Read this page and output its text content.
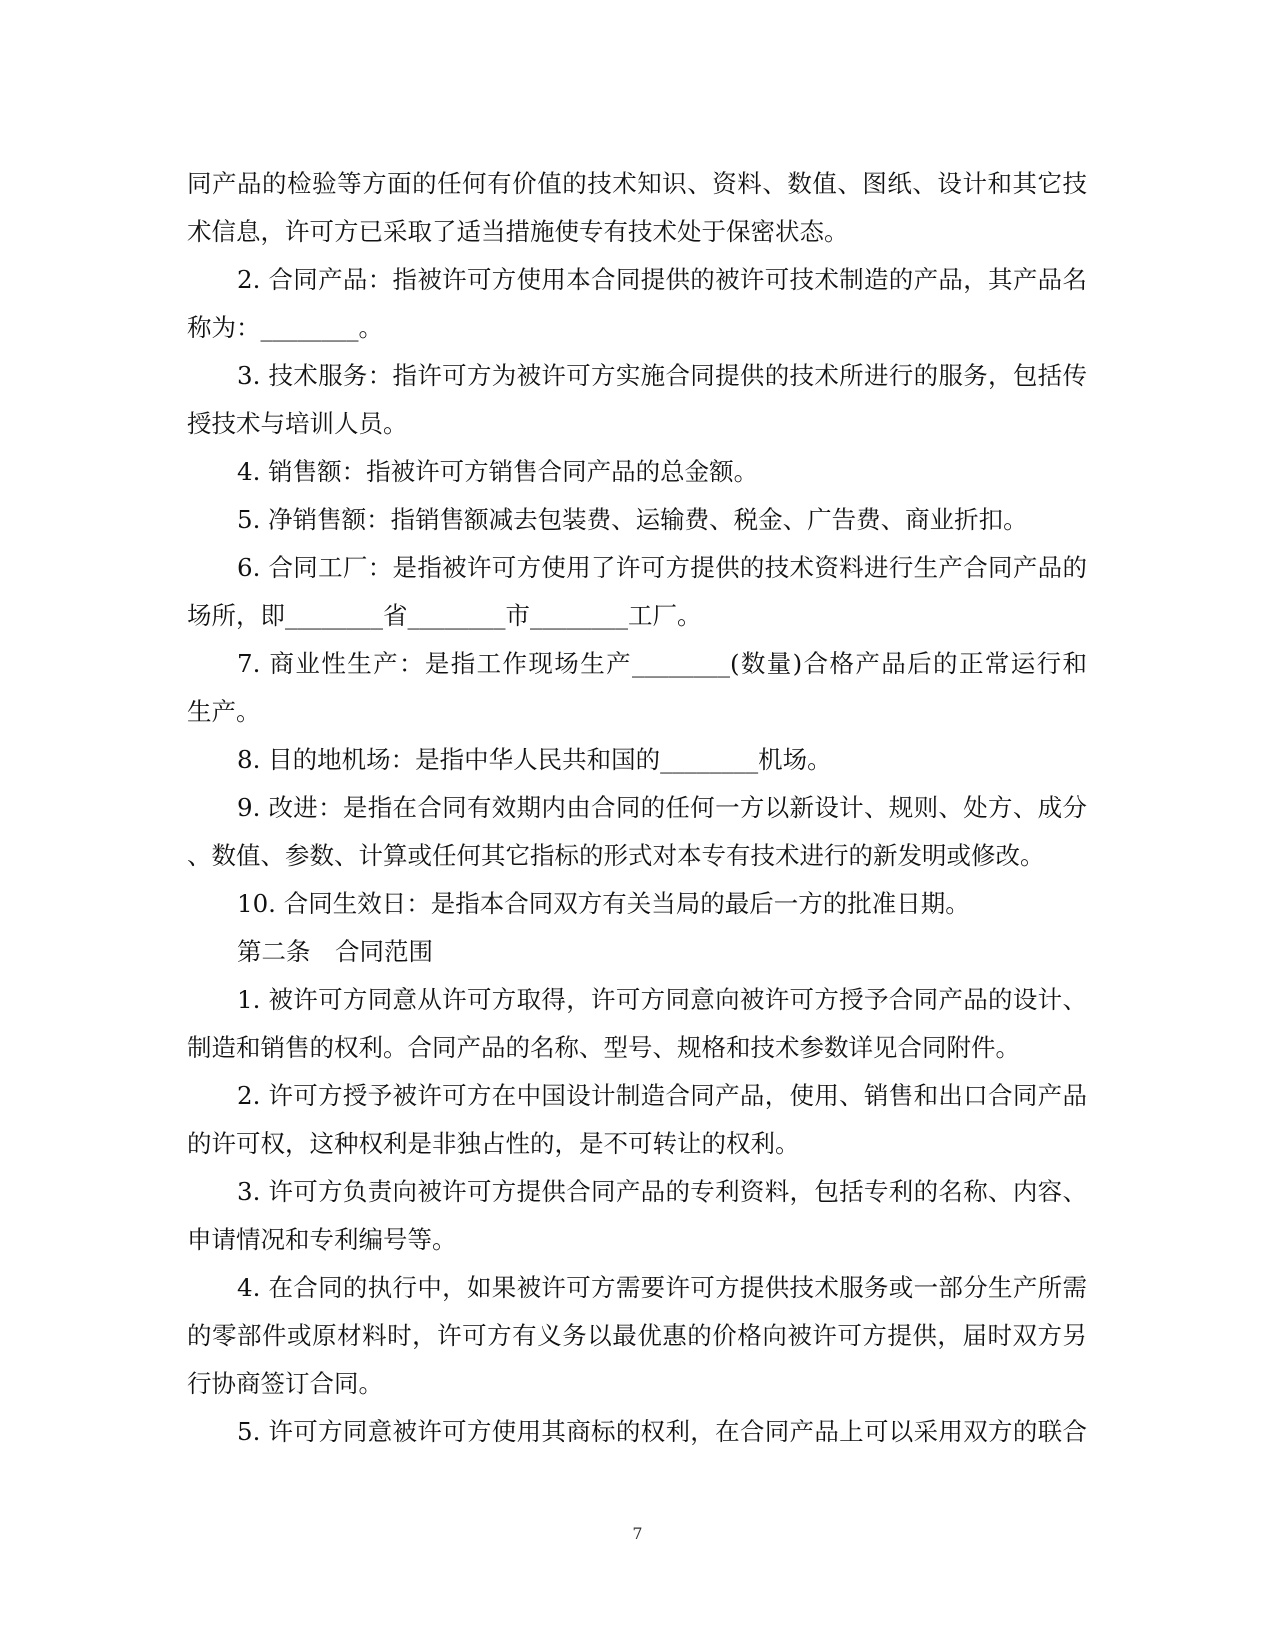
同产品的检验等方面的任何有价值的技术知识、资料、数值、图纸、设计和其它技
术信息，许可方已采取了适当措施使专有技术处于保密状态。
2. 合同产品：指被许可方使用本合同提供的被许可技术制造的产品，其产品名
称为：________。
3. 技术服务：指许可方为被许可方实施合同提供的技术所进行的服务，包括传
授技术与培训人员。
4. 销售额：指被许可方销售合同产品的总金额。
5. 净销售额：指销售额减去包装费、运输费、税金、广告费、商业折扣。
6. 合同工厂：是指被许可方使用了许可方提供的技术资料进行生产合同产品的
场所，即________省________市________工厂。
7. 商业性生产：是指工作现场生产________(数量)合格产品后的正常运行和
生产。
8. 目的地机场：是指中华人民共和国的________机场。
9. 改进：是指在合同有效期内由合同的任何一方以新设计、规则、处方、成分
、数值、参数、计算或任何其它指标的形式对本专有技术进行的新发明或修改。
10. 合同生效日：是指本合同双方有关当局的最后一方的批准日期。
第二条　合同范围
1. 被许可方同意从许可方取得，许可方同意向被许可方授予合同产品的设计、
制造和销售的权利。合同产品的名称、型号、规格和技术参数详见合同附件。
2. 许可方授予被许可方在中国设计制造合同产品，使用、销售和出口合同产品
的许可权，这种权利是非独占性的，是不可转让的权利。
3. 许可方负责向被许可方提供合同产品的专利资料，包括专利的名称、内容、
申请情况和专利编号等。
4. 在合同的执行中，如果被许可方需要许可方提供技术服务或一部分生产所需
的零部件或原材料时，许可方有义务以最优惠的价格向被许可方提供，届时双方另
行协商签订合同。
5. 许可方同意被许可方使用其商标的权利，在合同产品上可以采用双方的联合
7
